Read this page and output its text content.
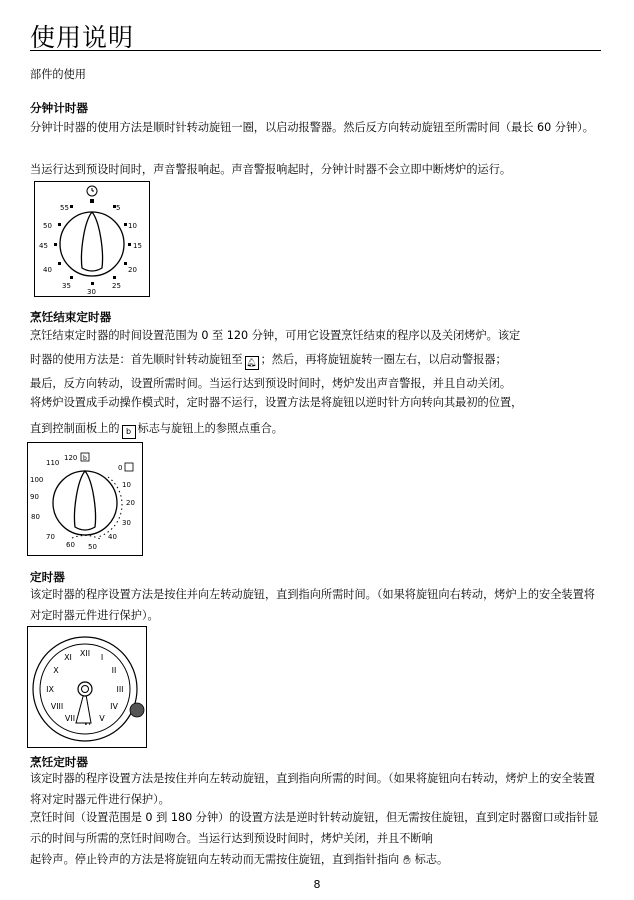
使用说明
部件的使用
分钟计时器
分钟计时器的使用方法是顺时针转动旋钮一圈，以启动报警器。然后反方向转动旋钮至所需时间（最长 60 分钟）。
当运行达到预设时间时，声音警报响起。声音警报响起时，分钟计时器不会立即中断烤炉的运行。
55	5
50	10
45	15
40	20
35
30
25
烹饪结束定时器
烹饪结束定时器的时间设置范围为 0 至 120 分钟，可用它设置烹饪结束的程序以及关闭烤炉。该定
时器的使用方法是：首先顺时针转动旋钮至 🔔︎ ；然后，再将旋钮旋转一圈左右，以启动警报器；
最后，反方向转动，设置所需时间。当运行达到预设时间时，烤炉发出声音警报，并且自动关闭。
将烤炉设置成手动操作模式时，定时器不运行，设置方法是将旋钮以逆时针方向转向其最初的位置，
直到控制面板上的 b 标志与旋钮上的参照点重合。
120 b
0
110
10
100
20
90
30
80
40
70
60 50
定时器
该定时器的程序设置方法是按住并向左转动旋钮，直到指向所需时间。（如果将旋钮向右转动，烤炉上的安全装置将对定时器元件进行保护）。
XII I
II
III
IV
V
VII
VIII
IX
X
XI
烹饪定时器
该定时器的程序设置方法是按住并向左转动旋钮，直到指向所需的时间。（如果将旋钮向右转动，烤炉上的安全装置将对定时器元件进行保护）。
烹饪时间（设置范围是 0 到 180 分钟）的设置方法是逆时针转动旋钮，但无需按住旋钮，直到定时器窗口或指针显示的时间与所需的烹饪时间吻合。当运行达到预设时间时，烤炉关闭，并且不断响
起铃声。停止铃声的方法是将旋钮向左转动而无需按住旋钮，直到指针指向 ✋︎ 标志。
8
